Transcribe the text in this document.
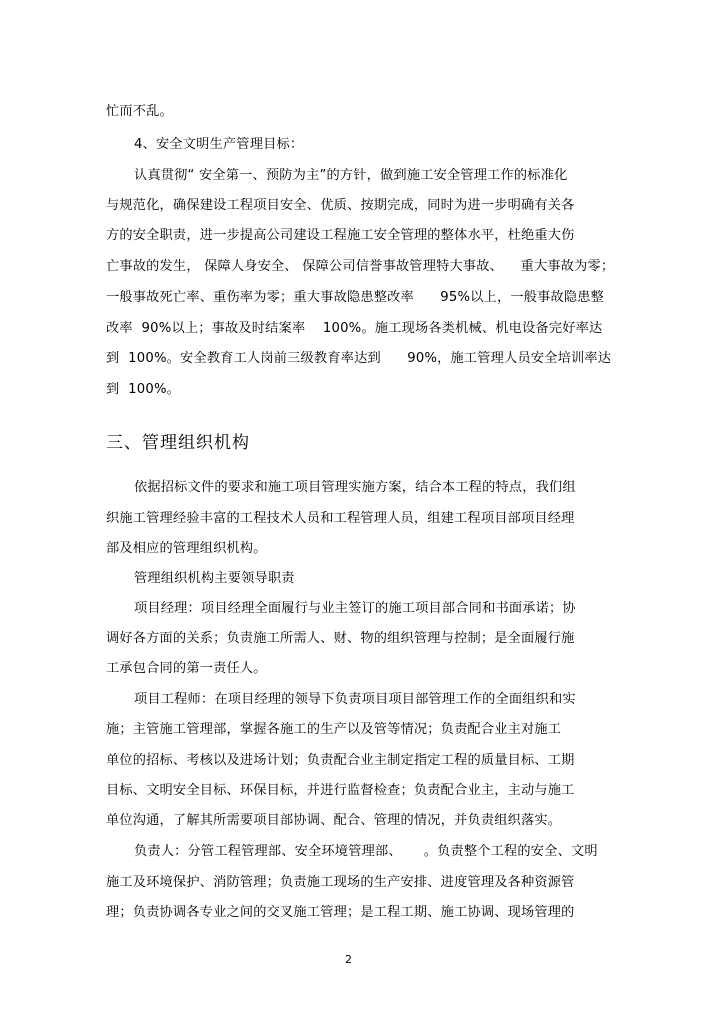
忙而不乱。
4、安全文明生产管理目标：
认真贯彻“ 安全第一、预防为主”的方针，做到施工安全管理工作的标准化
与规范化，确保建设工程项目安全、优质、按期完成，同时为进一步明确有关各
方的安全职责，进一步提高公司建设工程施工安全管理的整体水平，杜绝重大伤
亡事故的发生， 保障人身安全、 保障公司信誉事故管理特大事故、    重大事故为零；
一般事故死亡率、重伤率为零；重大事故隐患整改率      95%以上，一般事故隐患整
改率  90%以上；事故及时结案率    100%。施工现场各类机械、机电设备完好率达
到  100%。安全教育工人岗前三级教育率达到      90%，施工管理人员安全培训率达
到  100%。
三、管理组织机构
依据招标文件的要求和施工项目管理实施方案，结合本工程的特点，我们组
织施工管理经验丰富的工程技术人员和工程管理人员，组建工程项目部项目经理
部及相应的管理组织机构。
管理组织机构主要领导职责
项目经理：项目经理全面履行与业主签订的施工项目部合同和书面承诺；协
调好各方面的关系；负责施工所需人、财、物的组织管理与控制；是全面履行施
工承包合同的第一责任人。
项目工程师：在项目经理的领导下负责项目项目部管理工作的全面组织和实
施；主管施工管理部，掌握各施工的生产以及管等情况；负责配合业主对施工
单位的招标、考核以及进场计划；负责配合业主制定指定工程的质量目标、工期
目标、文明安全目标、环保目标，并进行监督检查；负责配合业主，主动与施工
单位沟通，了解其所需要项目部协调、配合、管理的情况，并负责组织落实。
负责人：分管工程管理部、安全环境管理部、     。负责整个工程的安全、文明
施工及环境保护、消防管理；负责施工现场的生产安排、进度管理及各种资源管
理；负责协调各专业之间的交叉施工管理；是工程工期、施工协调、现场管理的
2
